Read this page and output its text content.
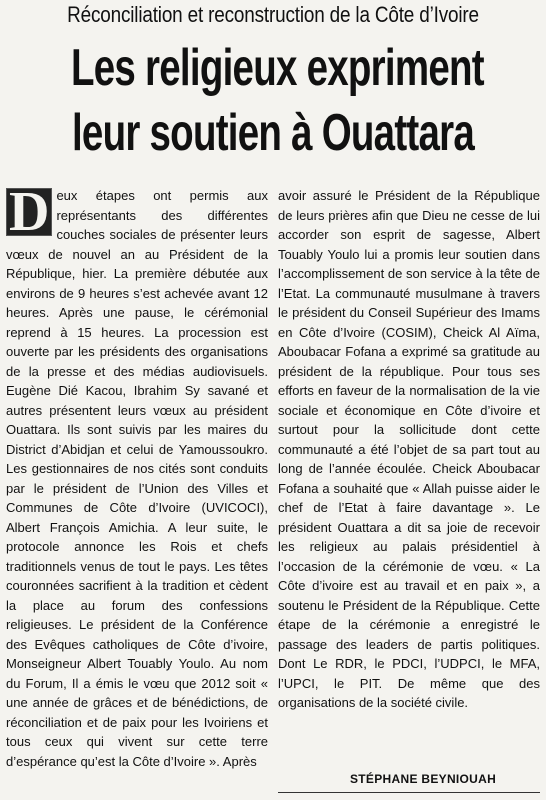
Réconciliation et reconstruction de la Côte d’Ivoire
Les religieux expriment
leur soutien à Ouattara
D eux étapes ont permis aux représentants des différentes couches sociales de présenter leurs vœux de nouvel an au Président de la République, hier. La première débutée aux environs de 9 heures s’est achevée avant 12 heures. Après une pause, le cérémonial reprend à 15 heures. La procession est ouverte par les présidents des organisations de la presse et des médias audiovisuels. Eugène Dié Kacou, Ibrahim Sy savané et autres présentent leurs vœux au président Ouattara. Ils sont suivis par les maires du District d’Abidjan et celui de Yamoussoukro. Les gestionnaires de nos cités sont conduits par le président de l’Union des Villes et Communes de Côte d’Ivoire (UVICOCI), Albert François Amichia. A leur suite, le protocole annonce les Rois et chefs traditionnels venus de tout le pays. Les têtes couronnées sacrifient à la tradition et cèdent la place au forum des confessions religieuses. Le président de la Conférence des Evêques catholiques de Côte d’ivoire, Monseigneur Albert Touably Youlo. Au nom du Forum, Il a émis le vœu que 2012 soit « une année de grâces et de bénédictions, de réconciliation et de paix pour les Ivoiriens et tous ceux qui vivent sur cette terre d’espérance qu’est la Côte d’Ivoire ». Après
avoir assuré le Président de la République de leurs prières afin que Dieu ne cesse de lui accorder son esprit de sagesse, Albert Touably Youlo lui a promis leur soutien dans l’accomplissement de son service à la tête de l’Etat. La communauté musulmane à travers le président du Conseil Supérieur des Imams en Côte d’Ivoire (COSIM), Cheick Al Aïma, Aboubacar Fofana a exprimé sa gratitude au président de la république. Pour tous ses efforts en faveur de la normalisation de la vie sociale et économique en Côte d’ivoire et surtout pour la sollicitude dont cette communauté a été l’objet de sa part tout au long de l’année écoulée. Cheick Aboubacar Fofana a souhaité que « Allah puisse aider le chef de l’Etat à faire davantage ». Le président Ouattara a dit sa joie de recevoir les religieux au palais présidentiel à l’occasion de la cérémonie de vœu. « La Côte d’ivoire est au travail et en paix », a soutenu le Président de la République. Cette étape de la cérémonie a enregistré le passage des leaders de partis politiques. Dont Le RDR, le PDCI, l’UDPCI, le MFA, l’UPCI, le PIT. De même que des organisations de la société civile.
STÉPHANE BEYNIOUAH
